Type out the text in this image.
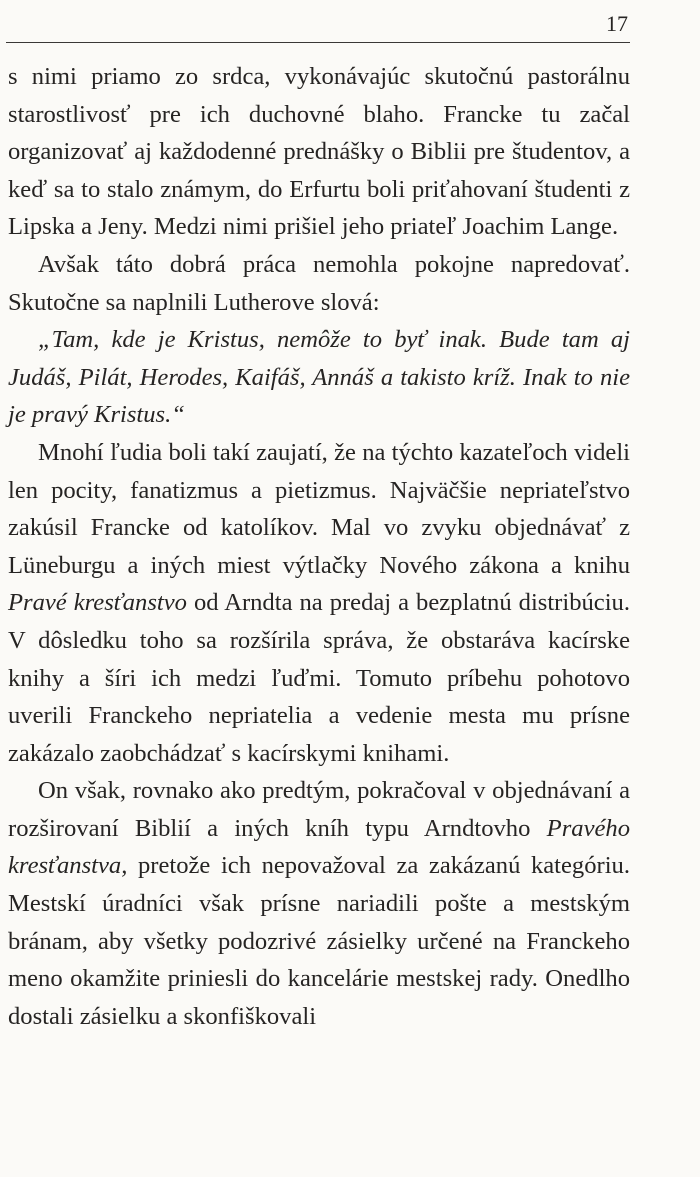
17

s nimi priamo zo srdca, vykonávajúc skutočnú pastorálnu starostlivosť pre ich duchovné blaho. Francke tu začal organizovať aj každodenné prednášky o Biblii pre študentov, a keď sa to stalo známym, do Erfurtu boli priťahovaní študenti z Lipska a Jeny. Medzi nimi prišiel jeho priateľ Joachim Lange.

Avšak táto dobrá práca nemohla pokojne napredovať. Skutočne sa naplnili Lutherove slová:

„Tam, kde je Kristus, nemôže to byť inak. Bude tam aj Judáš, Pilát, Herodes, Kaifáš, Annáš a takisto kríž. Inak to nie je pravý Kristus.“

Mnohí ľudia boli takí zaujatí, že na týchto kazateľoch videli len pocity, fanatizmus a pietizmus. Najväčšie nepriateľstvo zakúsil Francke od katolíkov. Mal vo zvyku objednávať z Lüneburgu a iných miest výtlačky Nového zákona a knihu Pravé kresťanstvo od Arndta na predaj a bezplatnú distribúciu. V dôsledku toho sa rozšírila správa, že obstaráva kacírske knihy a šíri ich medzi ľuďmi. Tomuto príbehu pohotovo uverili Franckeho nepriatelia a vedenie mesta mu prísne zakázalo zaobchádzať s kacírskymi knihami.

On však, rovnako ako predtým, pokračoval v objednávaní a rozširovaní Biblií a iných kníh typu Arndtovho Pravého kresťanstva, pretože ich nepovažoval za zakázanú kategóriu. Mestskí úradníci však prísne nariadili pošte a mestským bránam, aby všetky podozrivé zásielky určené na Franckeho meno okamžite priniesli do kancelárie mestskej rady. Onedlho dostali zásielku a skonfiškovali
